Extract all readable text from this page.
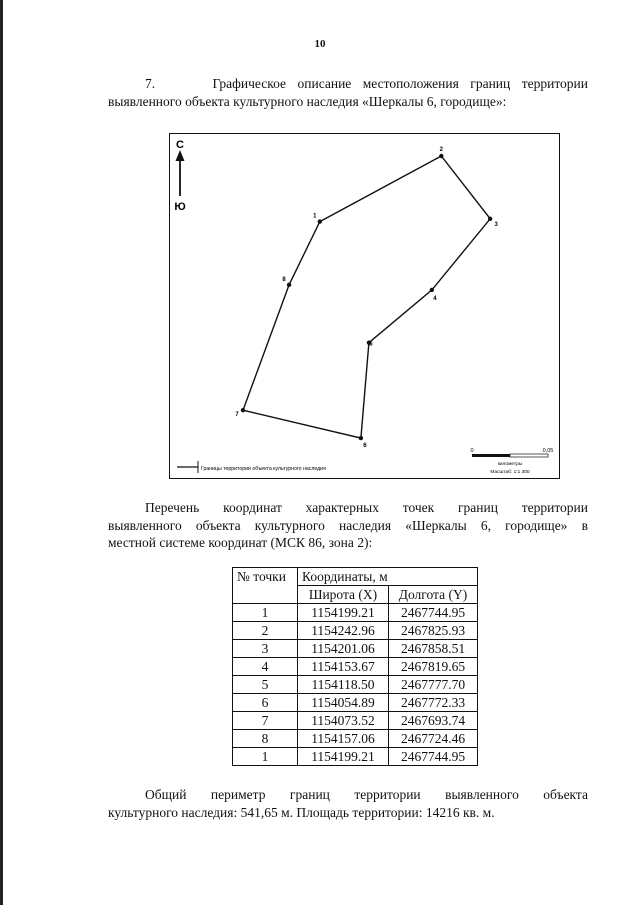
10
7.	Графическое описание местоположения границ территории
выявленного объекта культурного наследия «Шеркалы 6, городище»:
С
Ю
1
2
3
4
5
6
7
8
Границы территории объекта культурного наследия
0	0,05
километры
Масштаб: 1:1 300
Перечень координат характерных точек границ территории
выявленного объекта культурного наследия «Шеркалы 6, городище» в
местной системе координат (МСК 86, зона 2):
№ точки	Координаты, м	
	Широта (X)	Долгота (Y)
1	1154199.21	2467744.95
2	1154242.96	2467825.93
3	1154201.06	2467858.51
4	1154153.67	2467819.65
5	1154118.50	2467777.70
6	1154054.89	2467772.33
7	1154073.52	2467693.74
8	1154157.06	2467724.46
1	1154199.21	2467744.95
Общий периметр границ территории выявленного объекта
культурного наследия: 541,65 м. Площадь территории: 14216 кв. м.
